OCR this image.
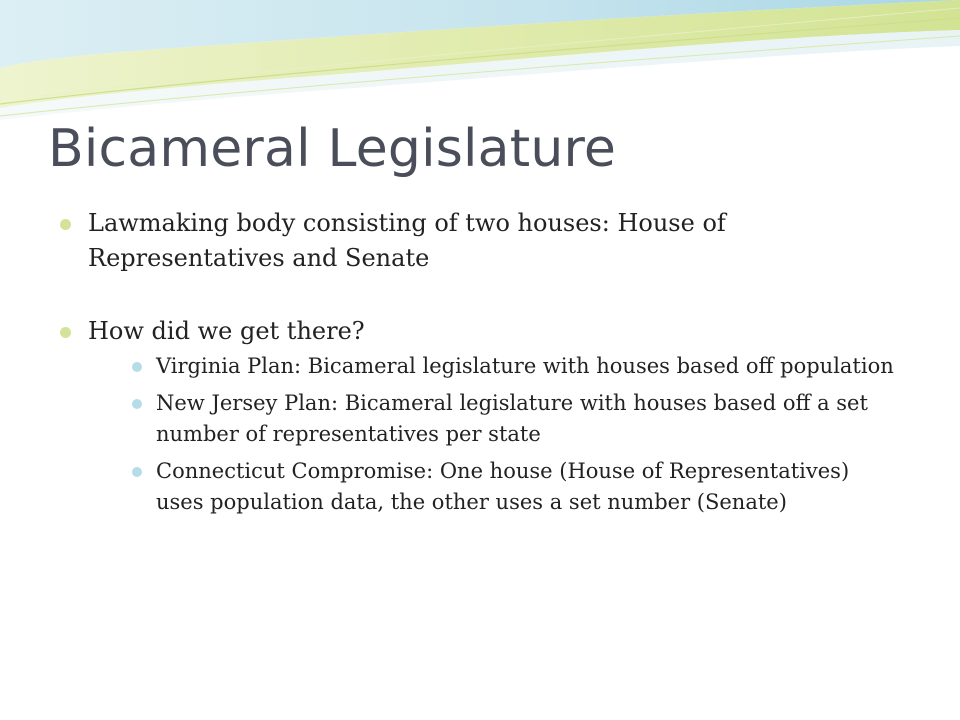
Bicameral Legislature
Lawmaking body consisting of two houses: House of Representatives and Senate
How did we get there?
Virginia Plan: Bicameral legislature with houses based off population
New Jersey Plan: Bicameral legislature with houses based off a set number of representatives per state
Connecticut Compromise: One house (House of Representatives) uses population data, the other uses a set number (Senate)
